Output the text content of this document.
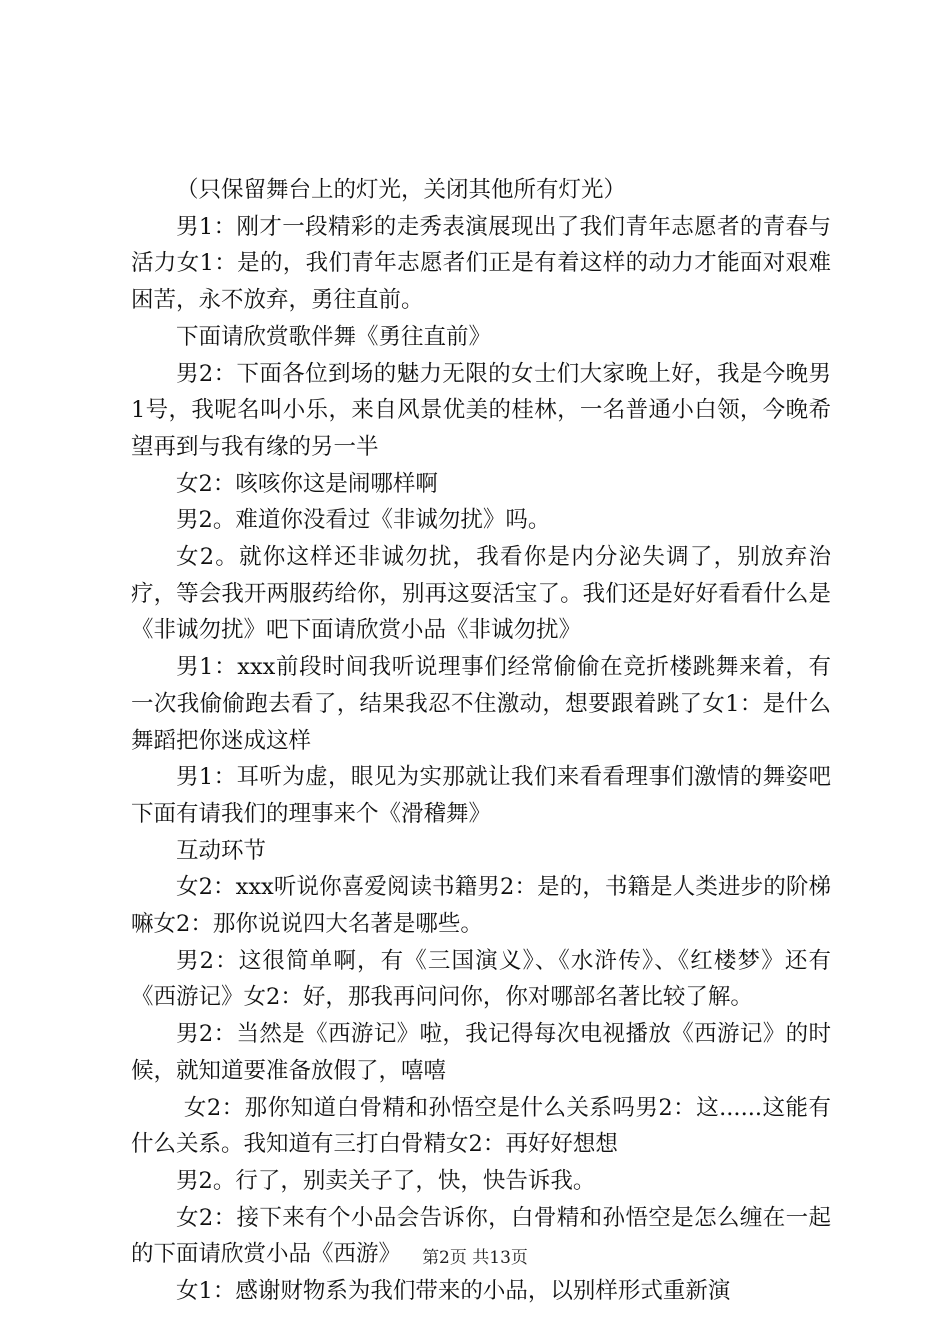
（只保留舞台上的灯光，关闭其他所有灯光）

男1：刚才一段精彩的走秀表演展现出了我们青年志愿者的青春与活力女1：是的，我们青年志愿者们正是有着这样的动力才能面对艰难困苦，永不放弃，勇往直前。

下面请欣赏歌伴舞《勇往直前》

男2：下面各位到场的魅力无限的女士们大家晚上好，我是今晚男1号，我呢名叫小乐，来自风景优美的桂林，一名普通小白领，今晚希望再到与我有缘的另一半

女2：咳咳你这是闹哪样啊

男2。难道你没看过《非诚勿扰》吗。

女2。就你这样还非诚勿扰，我看你是内分泌失调了，别放弃治疗，等会我开两服药给你，别再这耍活宝了。我们还是好好看看什么是《非诚勿扰》吧下面请欣赏小品《非诚勿扰》

男1：xxx前段时间我听说理事们经常偷偷在竞折楼跳舞来着，有一次我偷偷跑去看了，结果我忍不住激动，想要跟着跳了女1：是什么舞蹈把你迷成这样

男1：耳听为虚，眼见为实那就让我们来看看理事们激情的舞姿吧下面有请我们的理事来个《滑稽舞》

互动环节

女2：xxx听说你喜爱阅读书籍男2：是的，书籍是人类进步的阶梯嘛女2：那你说说四大名著是哪些。

男2：这很简单啊，有《三国演义》、《水浒传》、《红楼梦》还有《西游记》女2：好，那我再问问你，你对哪部名著比较了解。

男2：当然是《西游记》啦，我记得每次电视播放《西游记》的时候，就知道要准备放假了，嘻嘻

女2：那你知道白骨精和孙悟空是什么关系吗男2：这......这能有什么关系。我知道有三打白骨精女2：再好好想想

男2。行了，别卖关子了，快，快告诉我。

女2：接下来有个小品会告诉你，白骨精和孙悟空是怎么缠在一起的下面请欣赏小品《西游》

女1：感谢财物系为我们带来的小品，以别样形式重新演

第2页 共13页
